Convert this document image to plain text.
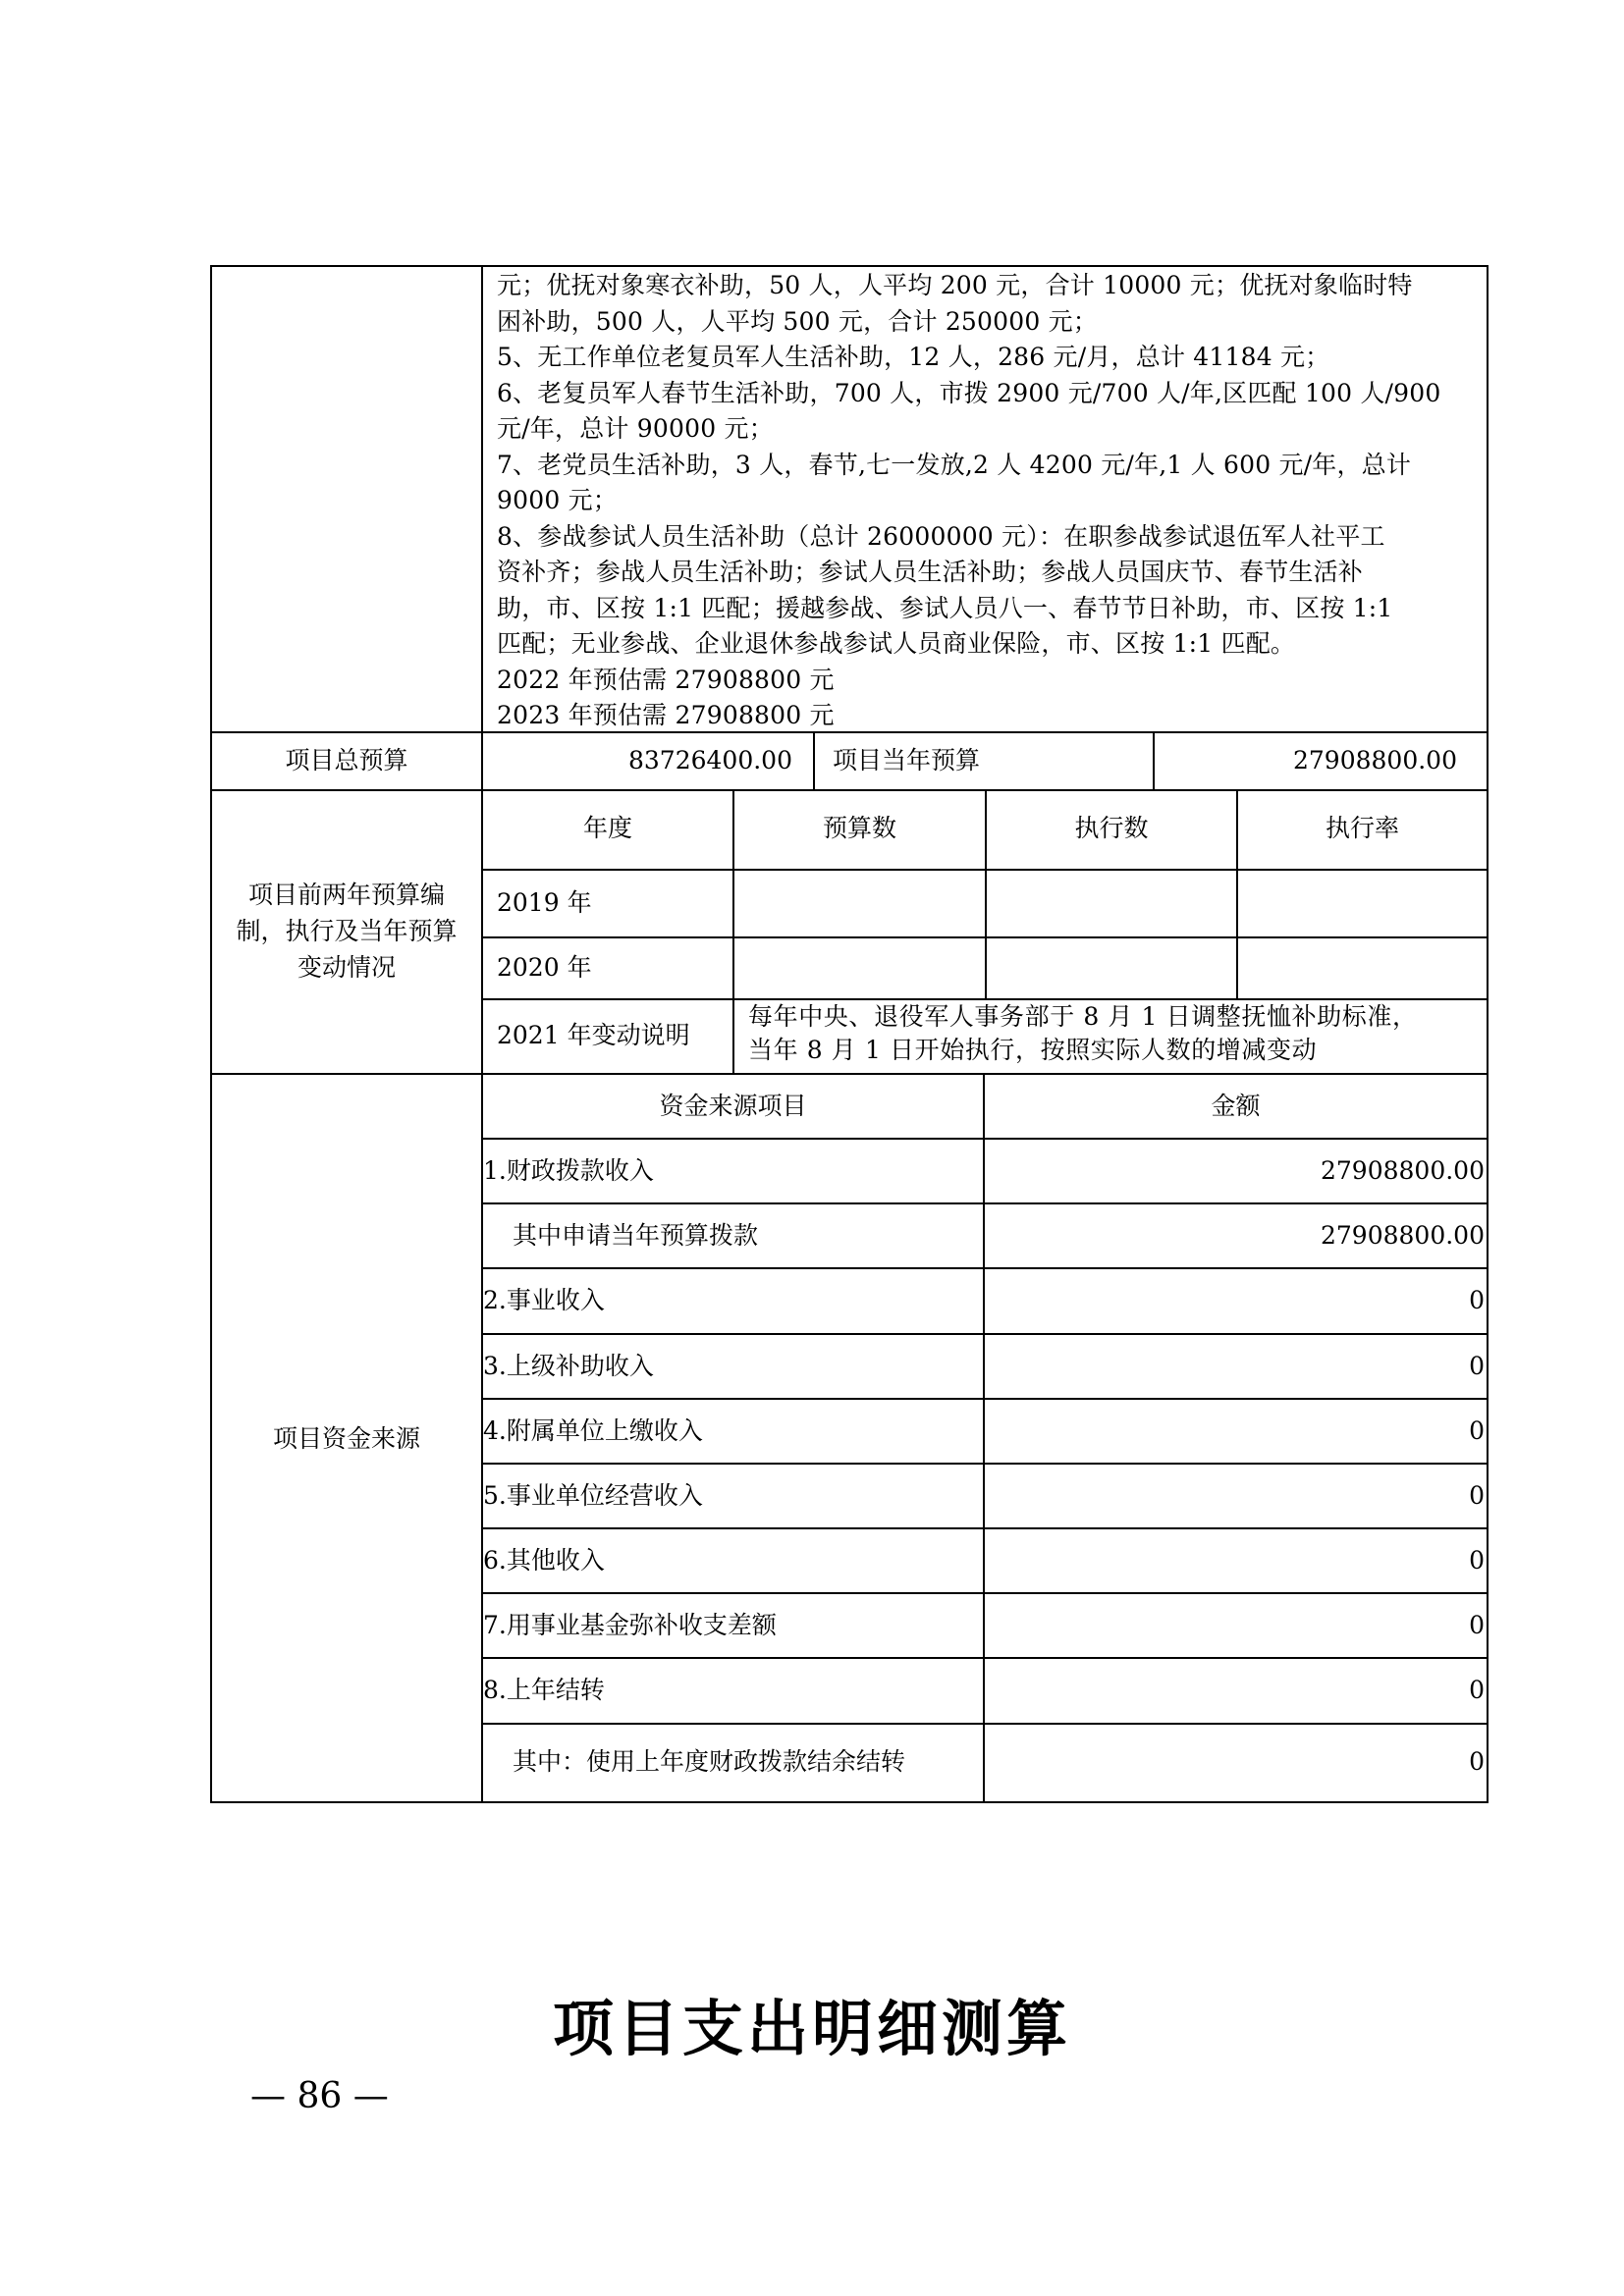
元；优抚对象寒衣补助，50 人，人平均 200 元，合计 10000 元；优抚对象临时特
困补助，500 人，人平均 500 元，合计 250000 元；
5、无工作单位老复员军人生活补助，12 人，286 元/月，总计 41184 元；
6、老复员军人春节生活补助，700 人，市拨 2900 元/700 人/年,区匹配 100 人/900
元/年，总计 90000 元；
7、老党员生活补助，3 人，春节,七一发放,2 人 4200 元/年,1 人 600 元/年，总计
9000 元；
8、参战参试人员生活补助（总计 26000000 元）：在职参战参试退伍军人社平工
资补齐；参战人员生活补助；参试人员生活补助；参战人员国庆节、春节生活补
助，市、区按 1:1 匹配；援越参战、参试人员八一、春节节日补助，市、区按 1:1
匹配；无业参战、企业退休参战参试人员商业保险，市、区按 1:1 匹配。
2022 年预估需 27908800 元
2023 年预估需 27908800 元
项目总预算	83726400.00 项目当年预算	27908800.00
项目前两年预算编
制，执行及当年预算
变动情况
年度	预算数	执行数	执行率
2019 年
2020 年
2021 年变动说明
每年中央、退役军人事务部于 8 月 1 日调整抚恤补助标准，
当年 8 月 1 日开始执行，按照实际人数的增减变动
项目资金来源
资金来源项目	金额
1.财政拨款收入	27908800.00
其中申请当年预算拨款	27908800.00
2.事业收入	0
3.上级补助收入	0
4.附属单位上缴收入	0
5.事业单位经营收入	0
6.其他收入	0
7.用事业基金弥补收支差额	0
8.上年结转	0
其中：使用上年度财政拨款结余结转	0
项目支出明细测算
— 86 —
